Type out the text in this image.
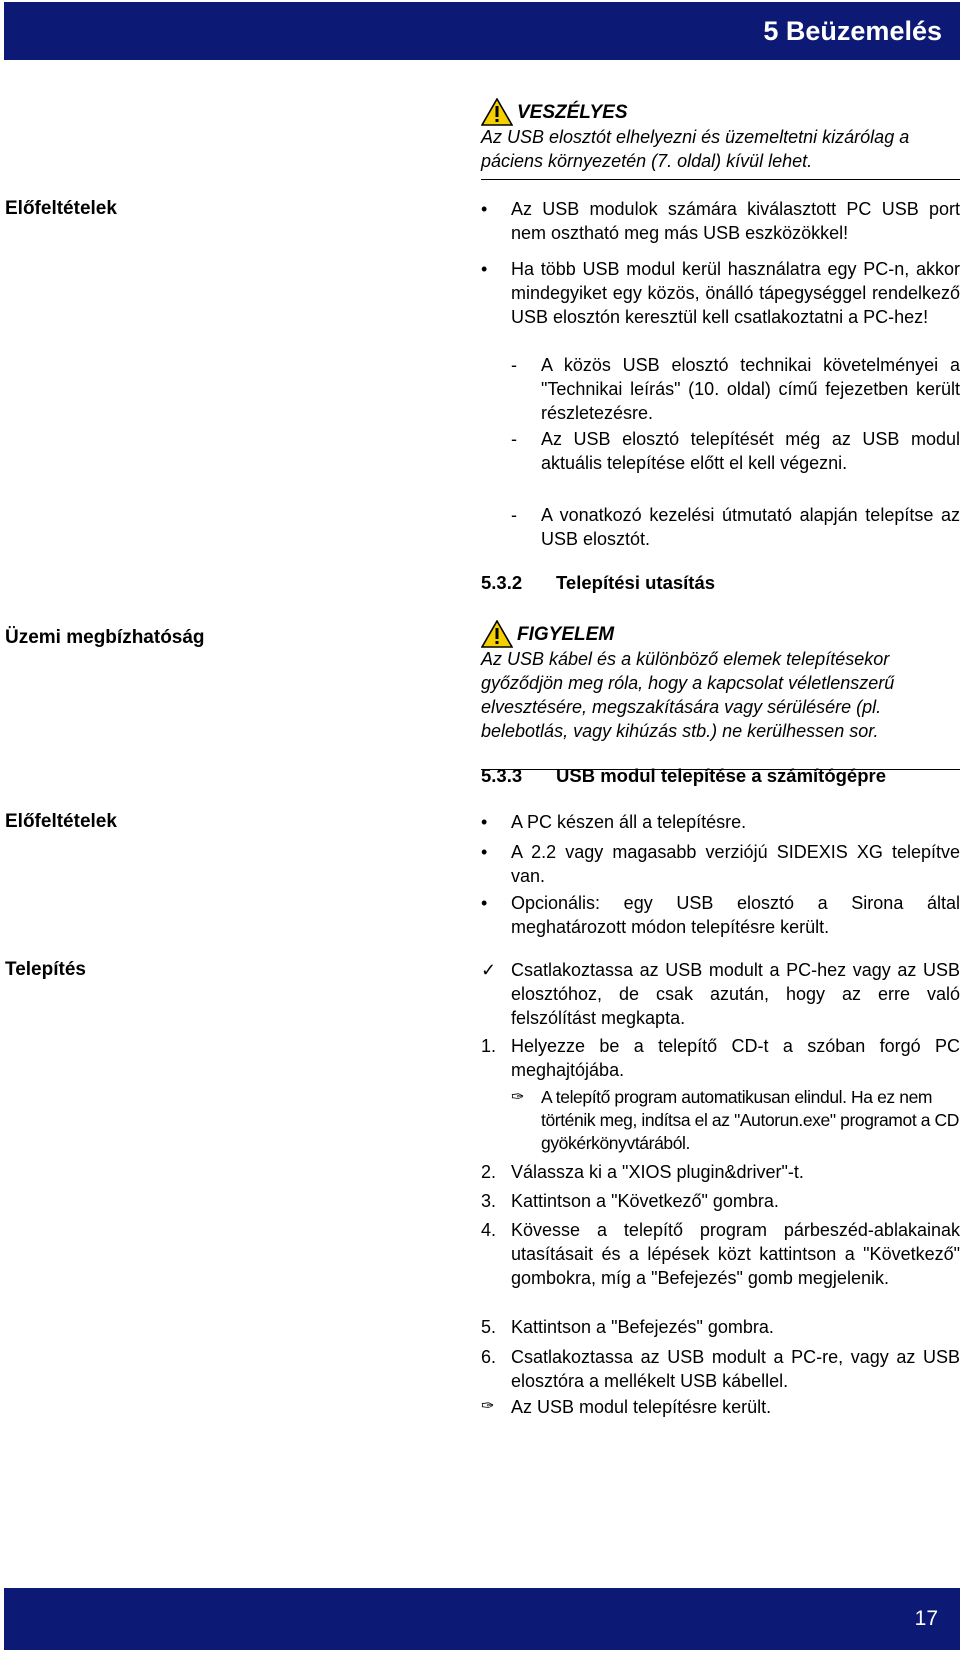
5 Beüzemelés
VESZÉLYES
Az USB elosztót elhelyezni és üzemeltetni kizárólag a páciens környezetén (7. oldal) kívül lehet.
Előfeltételek	• Az USB modulok számára kiválasztott PC USB port nem osztható meg más USB eszközökkel!
• Ha több USB modul kerül használatra egy PC-n, akkor mindegyiket egy közös, önálló tápegységgel rendelkező USB elosztón keresztül kell csatlakoztatni a PC-hez!
- A közös USB elosztó technikai követelményei a "Technikai leírás" (10. oldal) című fejezetben került részletezésre.
- Az USB elosztó telepítését még az USB modul aktuális telepítése előtt el kell végezni.
- A vonatkozó kezelési útmutató alapján telepítse az USB elosztót.
5.3.2 Telepítési utasítás
Üzemi megbízhatóság	FIGYELEM
Az USB kábel és a különböző elemek telepítésekor győződjön meg róla, hogy a kapcsolat véletlenszerű elvesztésére, megszakítására vagy sérülésére (pl. belebotlás, vagy kihúzás stb.) ne kerülhessen sor.
5.3.3 USB modul telepítése a számítógépre
Előfeltételek	• A PC készen áll a telepítésre.
• A 2.2 vagy magasabb verziójú SIDEXIS XG telepítve van.
• Opcionális: egy USB elosztó a Sirona által meghatározott módon telepítésre került.
Telepítés	✓ Csatlakoztassa az USB modult a PC-hez vagy az USB elosztóhoz, de csak azután, hogy az erre való felszólítást megkapta.
1. Helyezze be a telepítő CD-t a szóban forgó PC meghajtójába.
✑ A telepítő program automatikusan elindul. Ha ez nem történik meg, indítsa el az "Autorun.exe" programot a CD gyökérkönyvtárából.
2. Válassza ki a "XIOS plugin&driver"-t.
3. Kattintson a "Következő" gombra.
4. Kövesse a telepítő program párbeszéd-ablakainak utasításait és a lépések közt kattintson a "Következő" gombokra, míg a "Befejezés" gomb megjelenik.
5. Kattintson a "Befejezés" gombra.
6. Csatlakoztassa az USB modult a PC-re, vagy az USB elosztóra a mellékelt USB kábellel.
✑ Az USB modul telepítésre került.
17
